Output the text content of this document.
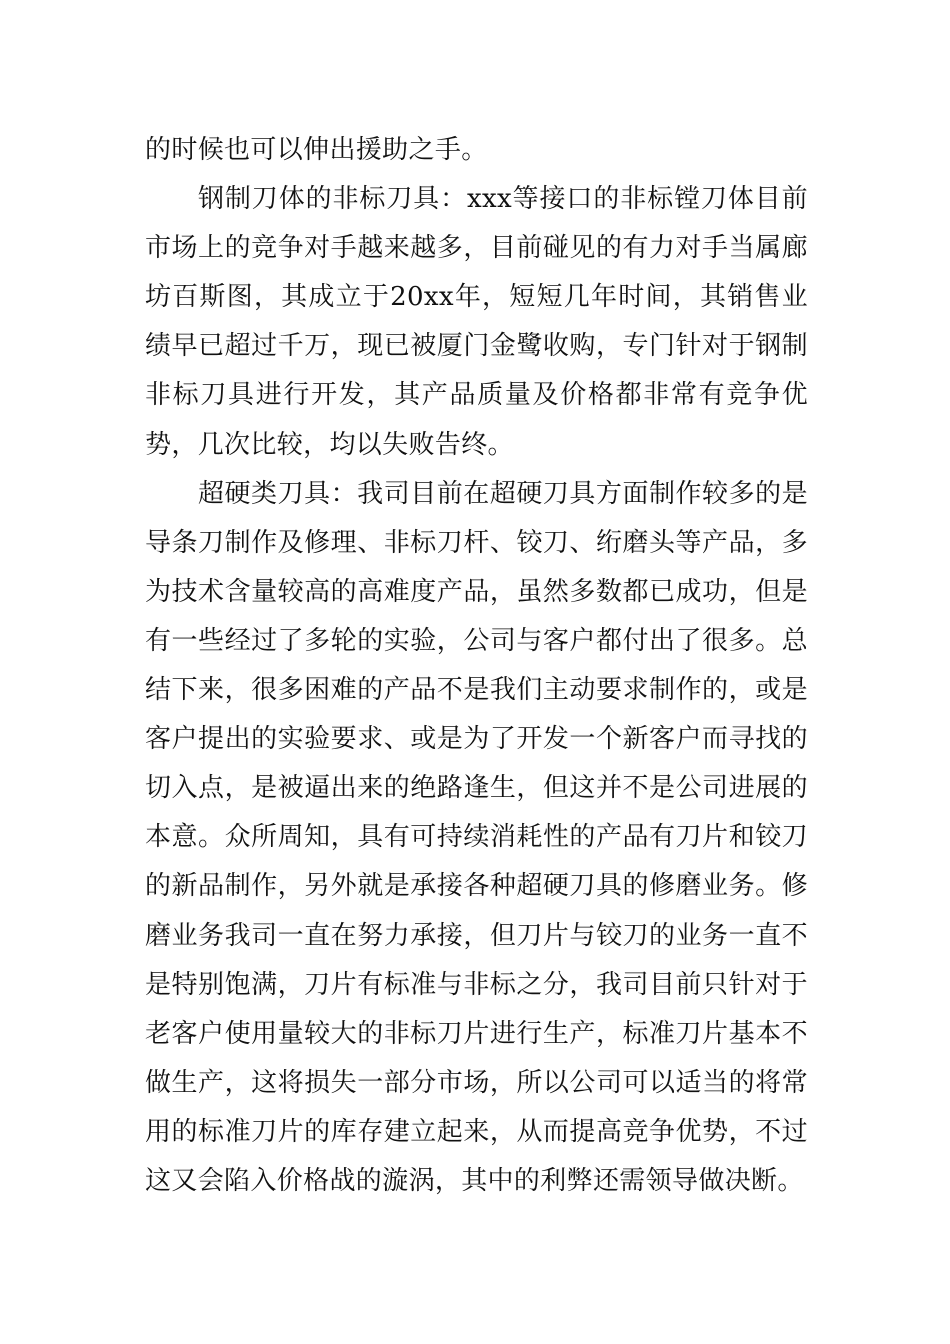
的时候也可以伸出援助之手。

钢制刀体的非标刀具：xxx等接口的非标镗刀体目前市场上的竞争对手越来越多，目前碰见的有力对手当属廊坊百斯图，其成立于20xx年，短短几年时间，其销售业绩早已超过千万，现已被厦门金鹭收购，专门针对于钢制非标刀具进行开发，其产品质量及价格都非常有竞争优势，几次比较，均以失败告终。

超硬类刀具：我司目前在超硬刀具方面制作较多的是导条刀制作及修理、非标刀杆、铰刀、绗磨头等产品，多为技术含量较高的高难度产品，虽然多数都已成功，但是有一些经过了多轮的实验，公司与客户都付出了很多。总结下来，很多困难的产品不是我们主动要求制作的，或是客户提出的实验要求、或是为了开发一个新客户而寻找的切入点，是被逼出来的绝路逢生，但这并不是公司进展的本意。众所周知，具有可持续消耗性的产品有刀片和铰刀的新品制作，另外就是承接各种超硬刀具的修磨业务。修磨业务我司一直在努力承接，但刀片与铰刀的业务一直不是特别饱满，刀片有标准与非标之分，我司目前只针对于老客户使用量较大的非标刀片进行生产，标准刀片基本不做生产，这将损失一部分市场，所以公司可以适当的将常用的标准刀片的库存建立起来，从而提高竞争优势，不过这又会陷入价格战的漩涡，其中的利弊还需领导做决断。
